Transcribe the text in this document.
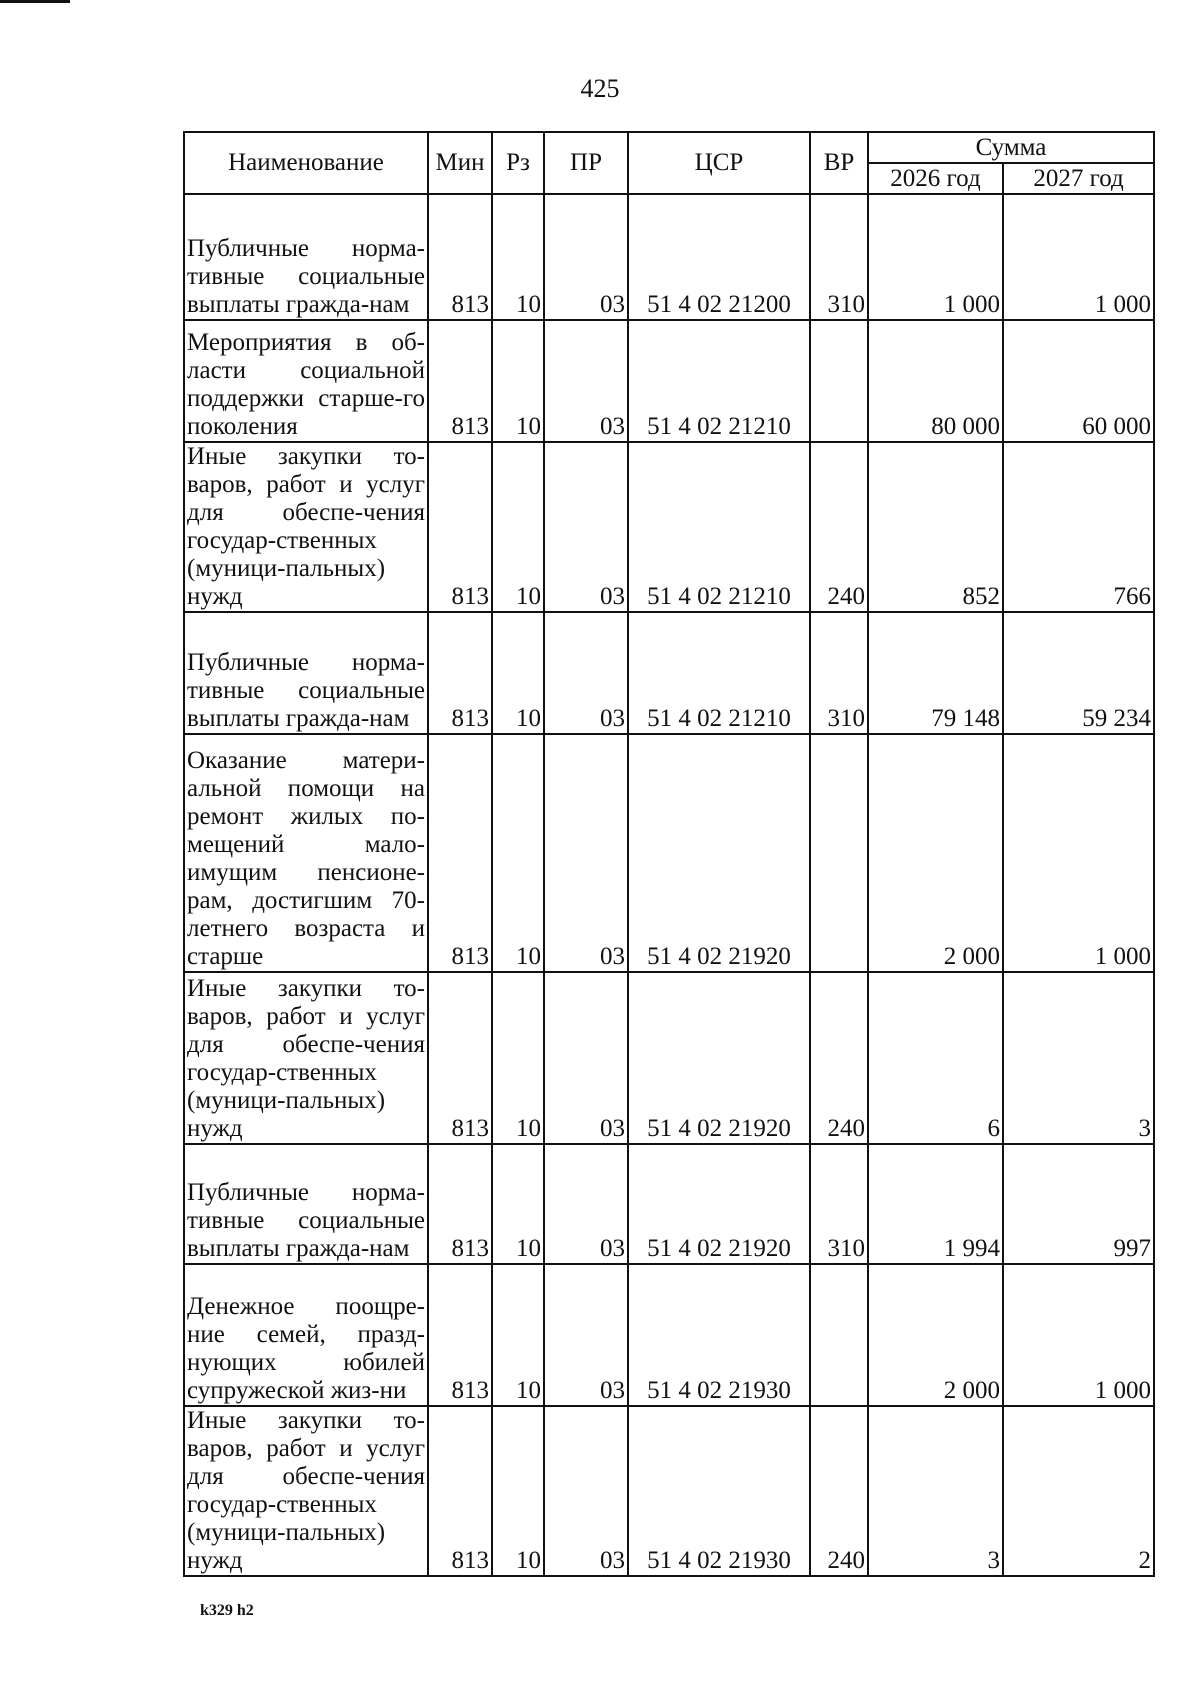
425
Наименование	Мин	Рз	ПР	ЦСР	ВР	Сумма	
						2026 год	2027 год
Публичные норма-тивные социальные выплаты гражда-нам	813	10	03	51 4 02 21200	310	1 000	1 000
Мероприятия в об-ласти социальной поддержки старше-го поколения	813	10	03	51 4 02 21210		80 000	60 000
Иные закупки то-варов, работ и услуг для обеспе-чения государ-ственных (муници-пальных) нужд	813	10	03	51 4 02 21210	240	852	766
Публичные норма-тивные социальные выплаты гражда-нам	813	10	03	51 4 02 21210	310	79 148	59 234
Оказание матери-альной помощи на ремонт жилых по-мещений мало-имущим пенсионе-рам, достигшим 70-летнего возраста и старше	813	10	03	51 4 02 21920		2 000	1 000
Иные закупки то-варов, работ и услуг для обеспе-чения государ-ственных (муници-пальных) нужд	813	10	03	51 4 02 21920	240	6	3
Публичные норма-тивные социальные выплаты гражда-нам	813	10	03	51 4 02 21920	310	1 994	997
Денежное поощре-ние семей, празд-нующих юбилей супружеской жиз-ни	813	10	03	51 4 02 21930		2 000	1 000
Иные закупки то-варов, работ и услуг для обеспе-чения государ-ственных (муници-пальных) нужд	813	10	03	51 4 02 21930	240	3	2
k329 h2
